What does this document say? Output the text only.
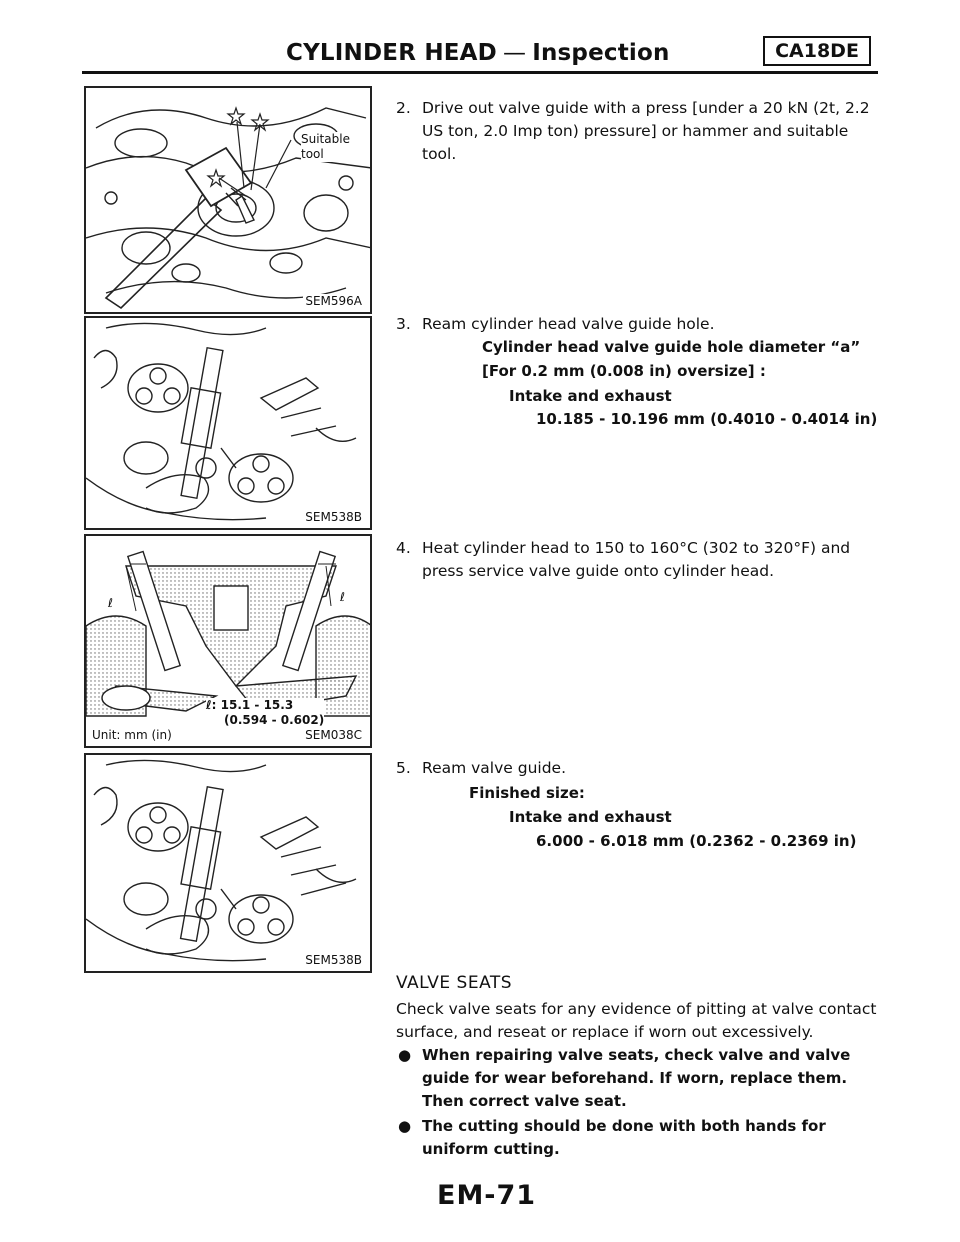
CYLINDER HEAD — Inspection	CA18DE
Suitable
tool
SEM596A
SEM538B
ℓ	ℓ
ℓ: 15.1 - 15.3
(0.594 - 0.602)
Unit: mm (in)	SEM038C
SEM538B
2. Drive out valve guide with a press [under a 20 kN (2t, 2.2 US ton, 2.0 Imp ton) pressure] or hammer and suitable tool.
3. Ream cylinder head valve guide hole.
Cylinder head valve guide hole diameter “a”
[For 0.2 mm (0.008 in) oversize] :
Intake and exhaust
10.185 - 10.196 mm (0.4010 - 0.4014 in)
4. Heat cylinder head to 150 to 160°C (302 to 320°F) and press service valve guide onto cylinder head.
5. Ream valve guide.
Finished size:
Intake and exhaust
6.000 - 6.018 mm (0.2362 - 0.2369 in)
VALVE SEATS
Check valve seats for any evidence of pitting at valve contact surface, and reseat or replace if worn out excessively.
● When repairing valve seats, check valve and valve guide for wear beforehand. If worn, replace them. Then correct valve seat.
● The cutting should be done with both hands for uniform cutting.
EM-71
